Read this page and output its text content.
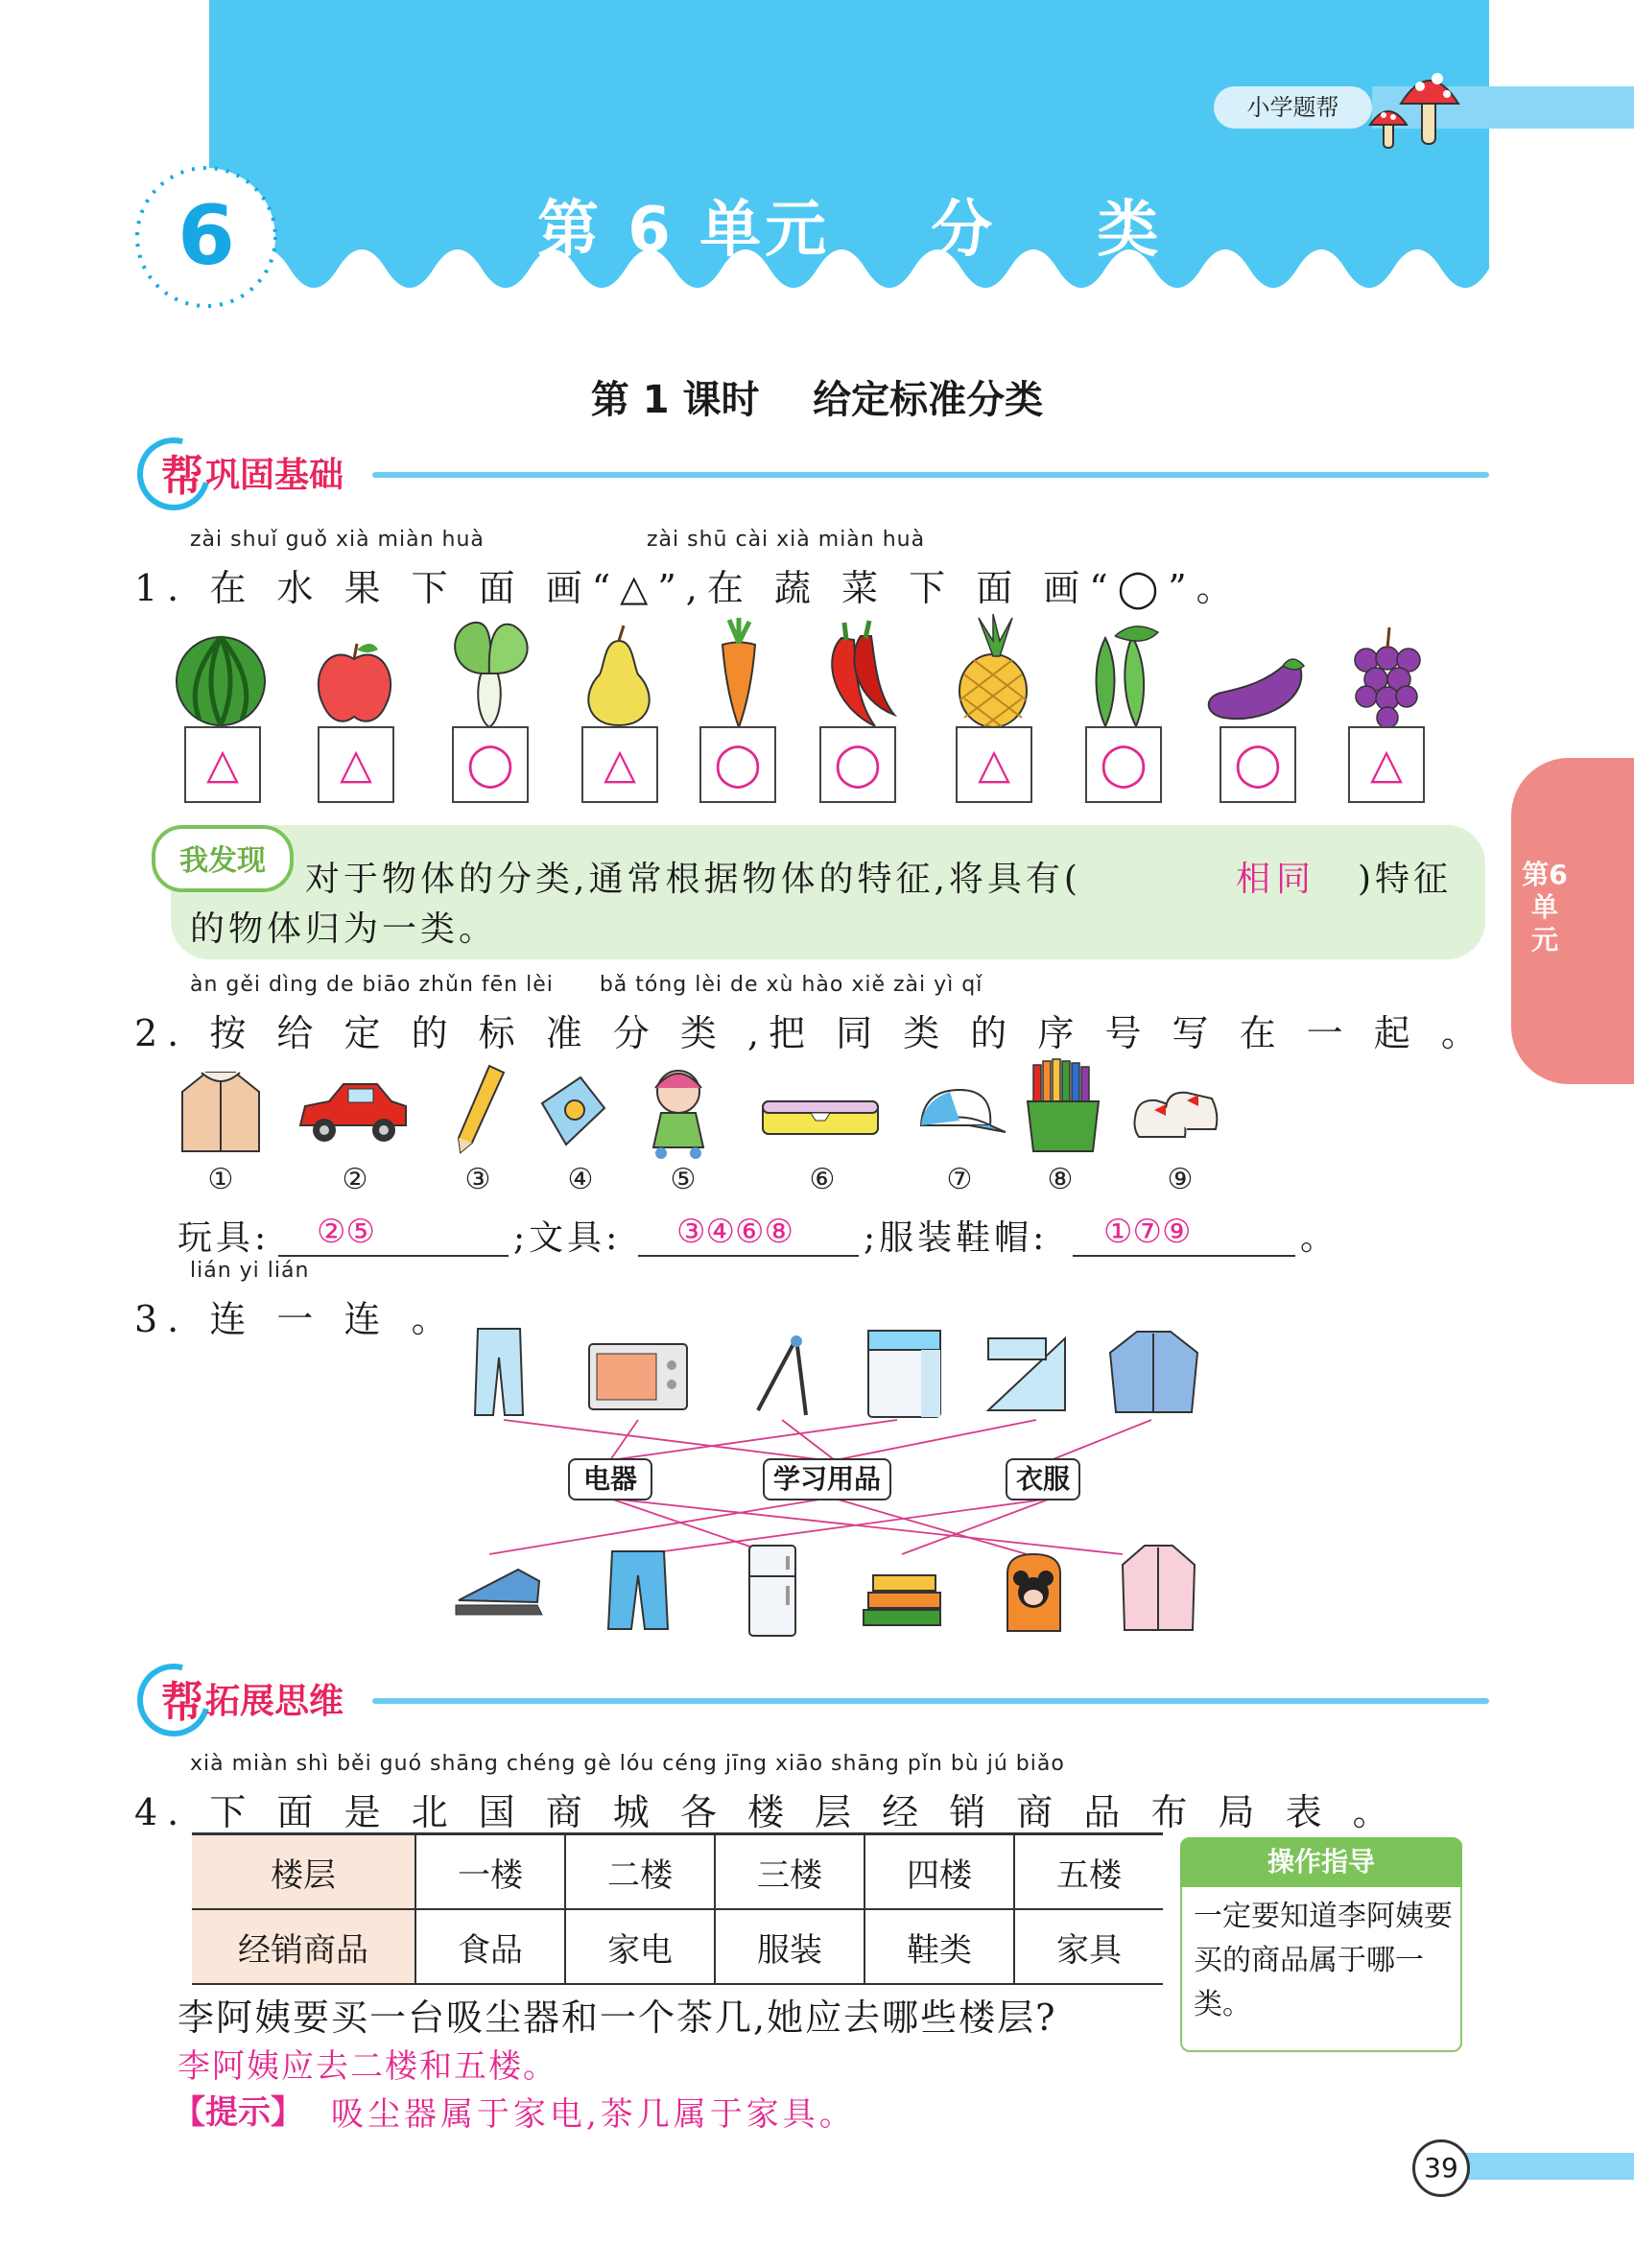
小学题帮
6	第 6 单元    分    类
第6单元
第 1 课时    给定标准分类
帮 巩固基础
zài shuǐ guǒ xià miàn huà	zài shū cài xià miàn huà
1. 在 水 果 下 面 画“△”,在 蔬 菜 下 面 画“◯”。
△ △ ◯ △ ◯ ◯ △ ◯ ◯ △
我发现	对于物体的分类,通常根据物体的特征,将具有(	相同 )特征
的物体归为一类。
àn gěi dìng de biāo zhǔn fēn lèi      bǎ tóng lèi de xù hào xiě zài yì qǐ
2. 按 给 定 的 标 准 分 类 ,把 同 类 的 序 号 写 在 一 起 。
①	②	③	④	⑤	⑥	⑦	⑧	⑨
玩具: ②⑤	;文具: ③④⑥⑧ ;服装鞋帽: ①⑦⑨	。
lián yi lián
3. 连 一 连 。
电器	学习用品	衣服
帮 拓展思维
xià miàn shì běi guó shāng chéng gè lóu céng jīng xiāo shāng pǐn bù jú biǎo
4. 下 面 是 北 国 商 城 各 楼 层 经 销 商 品 布 局 表 。
楼层	一楼	二楼	三楼	四楼	五楼
经销商品	食品	家电	服装	鞋类	家具
操作指导
一定要知道李阿姨要买的商品属于哪一类。
李阿姨要买一台吸尘器和一个茶几,她应去哪些楼层?
李阿姨应去二楼和五楼。
【提示】 吸尘器属于家电,茶几属于家具。
39
